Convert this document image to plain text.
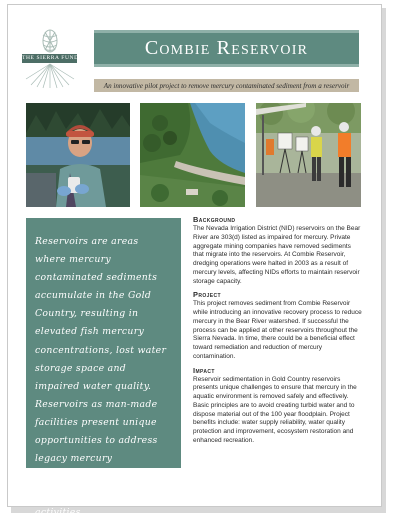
THE SIERRA FUND	Combie Reservoir
An innovative pilot project to remove mercury contaminated sediment from a reservoir

Reservoirs are areas where mercury contaminated sediments accumulate in the Gold Country, resulting in elevated fish mercury concentrations, lost water storage space and impaired water quality. Reservoirs as man-made facilities present unique opportunities to address legacy mercury contamination with innovative maintenance activities.

Background

The Nevada Irrigation District (NID) reservoirs on the Bear River are 303(d) listed as impaired for mercury. Private aggregate mining companies have removed sediments that migrate into the reservoirs. At Combie Reservoir, dredging operations were halted in 2003 as a result of mercury levels, affecting NIDs efforts to maintain reservoir storage capacity.

Project

This project removes sediment from Combie Reservoir while introducing an innovative recovery process to reduce mercury in the Bear River watershed. If successful the process can be applied at other reservoirs throughout the Sierra Nevada. In time, there could be a beneficial effect toward remediation and reduction of mercury contamination.

Impact

Reservoir sedimentation in Gold Country reservoirs presents unique challenges to ensure that mercury in the aquatic environment is removed safely and effectively. Basic principles are to avoid creating turbid water and to dispose material out of the 100 year floodplain. Project benefits include: water supply reliability, water quality protection and improvement, ecosystem restoration and enhanced recreation.
